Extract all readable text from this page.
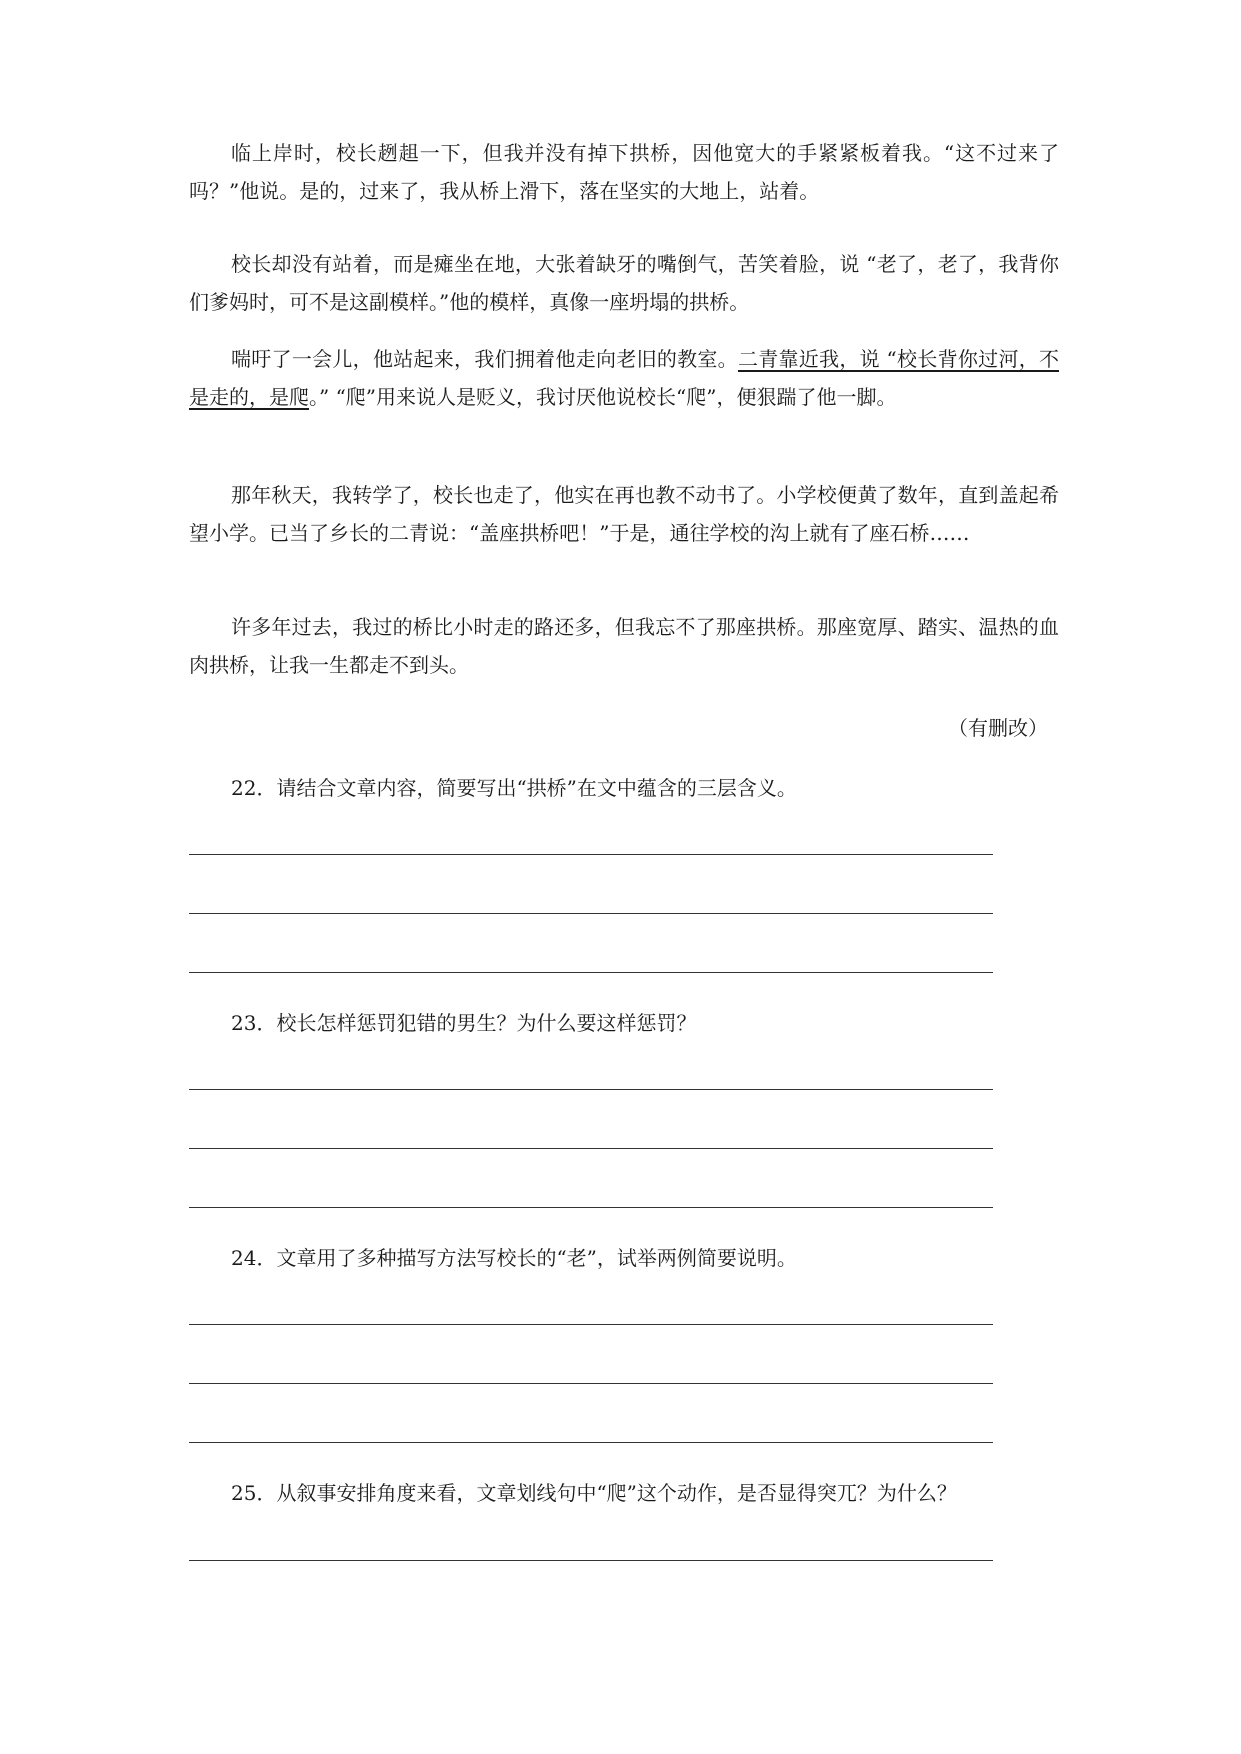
临上岸时，校长趔趄一下，但我并没有掉下拱桥，因他宽大的手紧紧板着我。“这不过来了吗？”他说。是的，过来了，我从桥上滑下，落在坚实的大地上，站着。

校长却没有站着，而是瘫坐在地，大张着缺牙的嘴倒气，苦笑着脸，说 “老了，老了，我背你们爹妈时，可不是这副模样。”他的模样，真像一座坍塌的拱桥。

喘吁了一会儿，他站起来，我们拥着他走向老旧的教室。二青靠近我，说 “校长背你过河，不是走的，是爬。” “爬”用来说人是贬义，我讨厌他说校长“爬”，便狠踹了他一脚。

那年秋天，我转学了，校长也走了，他实在再也教不动书了。小学校便黄了数年，直到盖起希望小学。已当了乡长的二青说：“盖座拱桥吧！”于是，通往学校的沟上就有了座石桥……

许多年过去，我过的桥比小时走的路还多，但我忘不了那座拱桥。那座宽厚、踏实、温热的血肉拱桥，让我一生都走不到头。

（有删改）

22．请结合文章内容，简要写出“拱桥”在文中蕴含的三层含义。

23．校长怎样惩罚犯错的男生？为什么要这样惩罚？

24．文章用了多种描写方法写校长的“老”，试举两例简要说明。

25．从叙事安排角度来看，文章划线句中“爬”这个动作，是否显得突兀？为什么？
